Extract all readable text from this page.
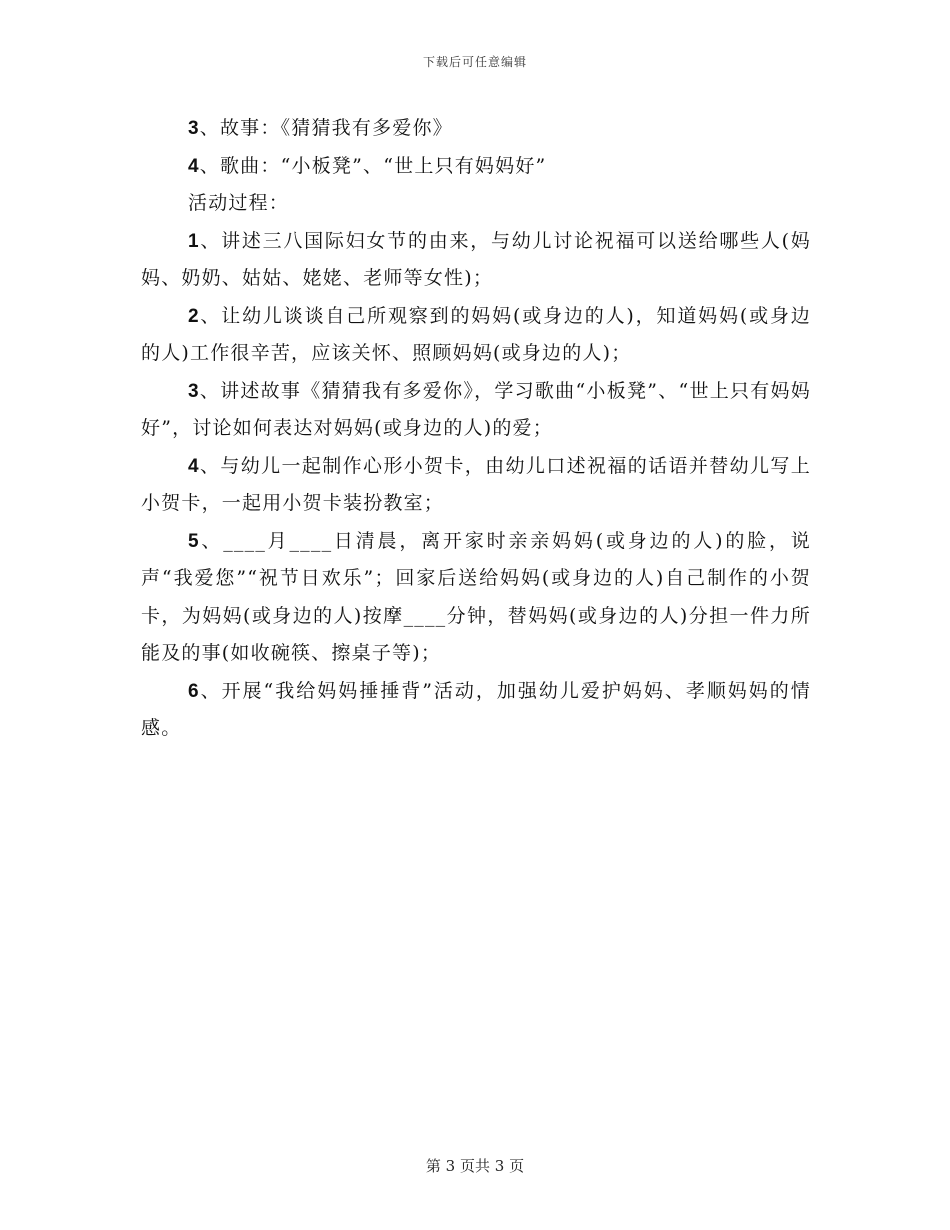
下载后可任意编辑

3、故事：《猜猜我有多爱你》

4、歌曲：“小板凳”、“世上只有妈妈好”

活动过程：

1、讲述三八国际妇女节的由来，与幼儿讨论祝福可以送给哪些人(妈妈、奶奶、姑姑、姥姥、老师等女性)；

2、让幼儿谈谈自己所观察到的妈妈(或身边的人)，知道妈妈(或身边的人)工作很辛苦，应该关怀、照顾妈妈(或身边的人)；

3、讲述故事《猜猜我有多爱你》，学习歌曲“小板凳”、“世上只有妈妈好”，讨论如何表达对妈妈(或身边的人)的爱；

4、与幼儿一起制作心形小贺卡，由幼儿口述祝福的话语并替幼儿写上小贺卡，一起用小贺卡装扮教室；

5、____月____日清晨，离开家时亲亲妈妈(或身边的人)的脸，说声“我爱您”“祝节日欢乐”；回家后送给妈妈(或身边的人)自己制作的小贺卡，为妈妈(或身边的人)按摩____分钟，替妈妈(或身边的人)分担一件力所能及的事(如收碗筷、擦桌子等)；

6、开展“我给妈妈捶捶背”活动，加强幼儿爱护妈妈、孝顺妈妈的情感。

第 3 页共 3 页
